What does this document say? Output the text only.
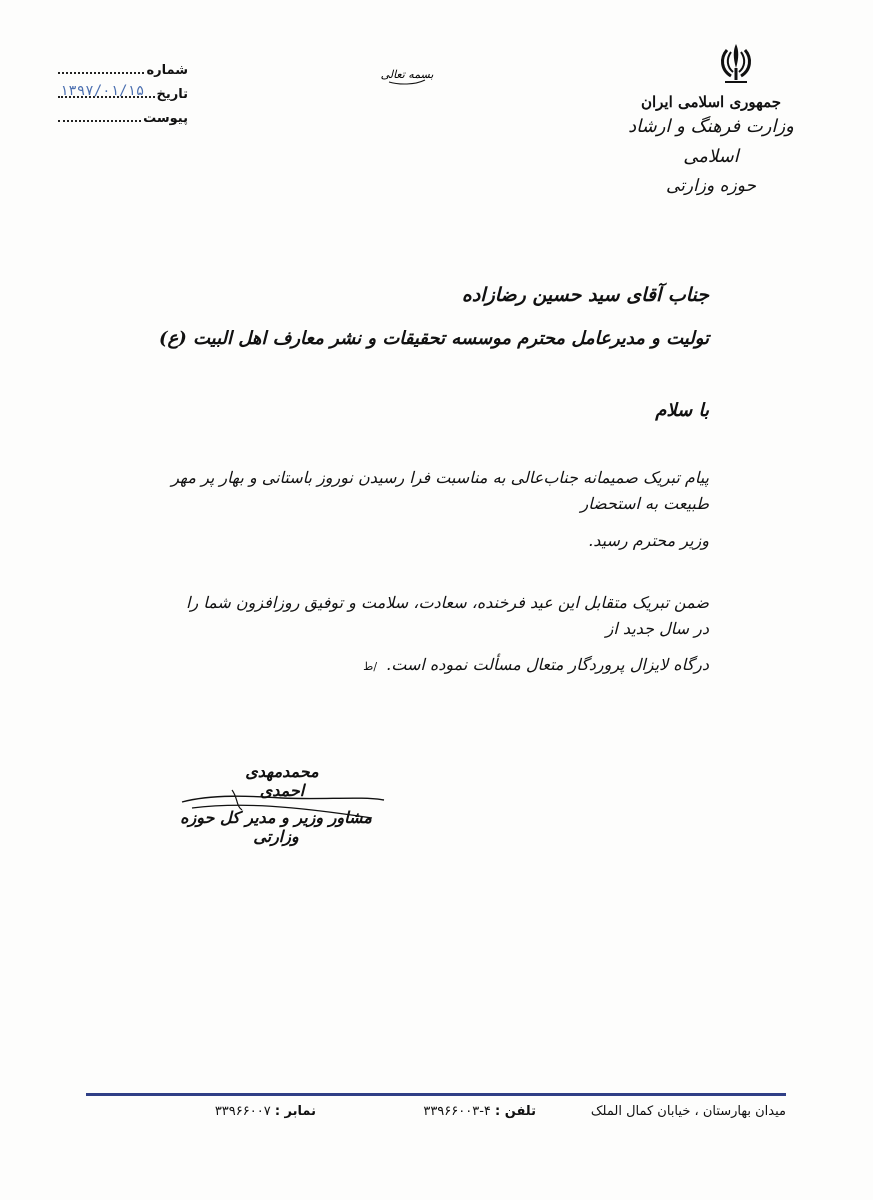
جمهوری اسلامی ایران
وزارت فرهنگ و ارشاد اسلامی
حوزه وزارتی
بسمه تعالی
شماره
تاریخ
۱۳۹۷/۰۱/۱۵
پیوست
جناب آقای سید حسین رضازاده
تولیت و مدیرعامل محترم موسسه تحقیقات و نشر معارف اهل البیت (ع)
با سلام
پیام تبریک صمیمانه جناب‌عالی به مناسبت فرا رسیدن نوروز باستانی و بهار پر مهر طبیعت به استحضار
وزیر محترم رسید.
ضمن تبریک متقابل این عید فرخنده، سعادت، سلامت و توفیق روزافزون شما را در سال جدید از
درگاه لایزال پروردگار متعال مسألت نموده است. /ط
محمدمهدی احمدی
مشاور وزیر و مدیر کل حوزه وزارتی
میدان بهارستان ، خیابان کمال الملک
تلفن : ۴-۳۳۹۶۶۰۰۳
نمابر : ۳۳۹۶۶۰۰۷
